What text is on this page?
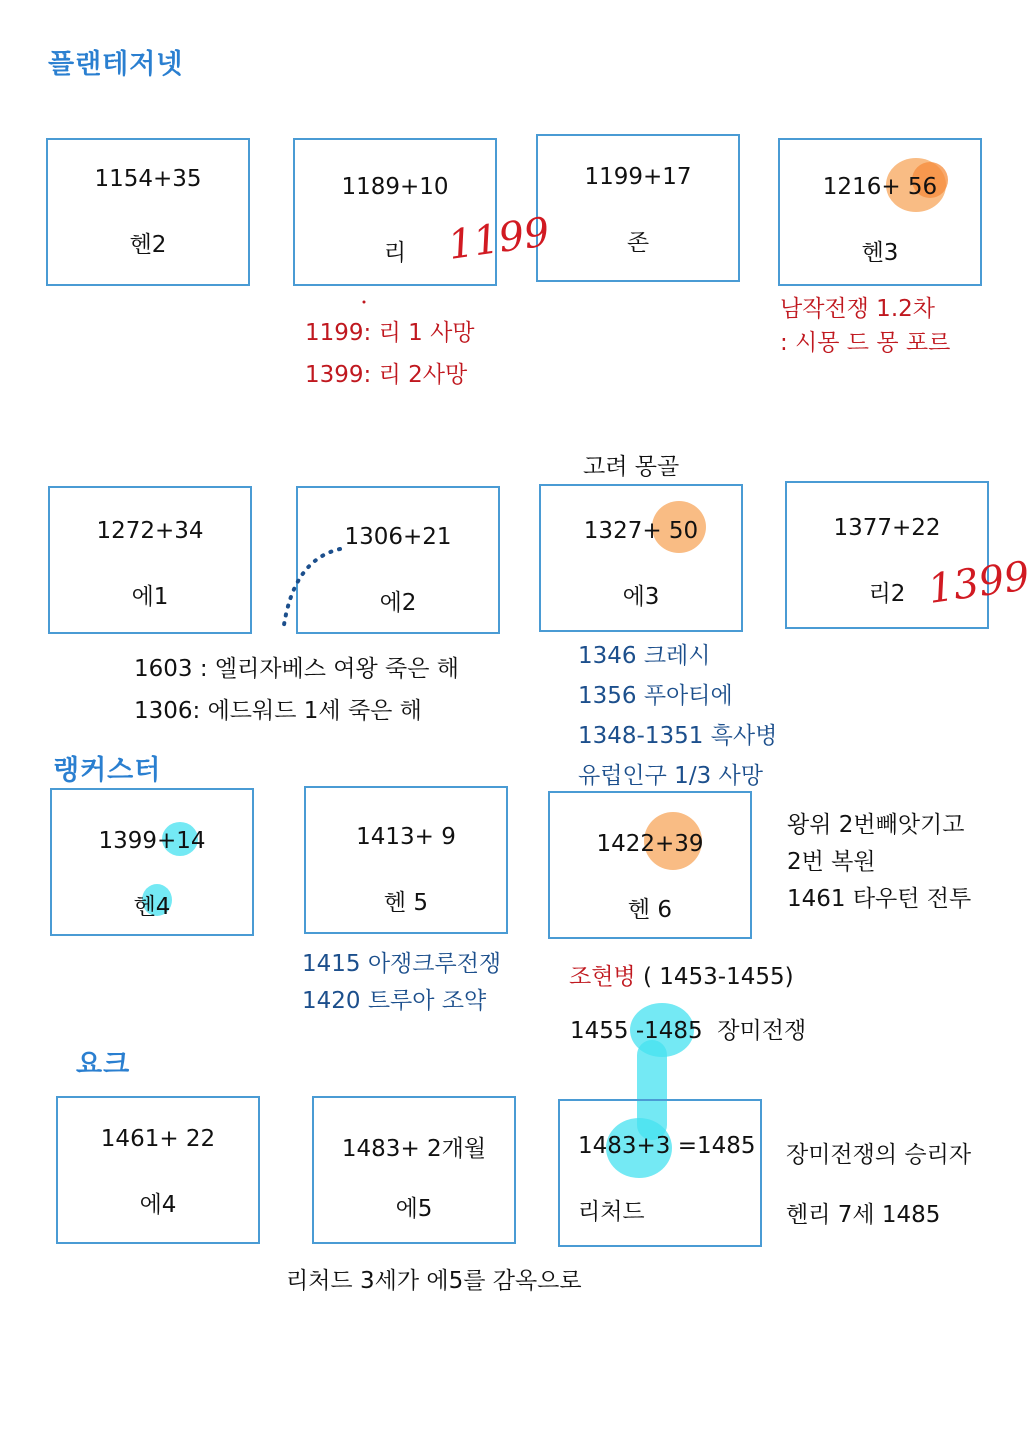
플랜테저넷
랭커스터
요크
1154+35
헨2
1189+10
리
1199+17
존
1216+ 56
헨3
1199
1199: 리 1 사망
1399: 리 2사망
남작전쟁 1.2차
: 시몽 드 몽 포르
고려 몽골
1272+34
에1
1306+21
에2
1327+ 50
에3
1377+22
리2 1399
1603 : 엘리자베스 여왕 죽은 해
1306: 에드워드 1세 죽은 해
1346 크레시
1356 푸아티에
1348-1351 흑사병
유럽인구 1/3 사망
1399+14
헨4
1413+ 9
헨 5
1422+39
헨 6
왕위 2번빼앗기고
2번 복원
1461 타우턴 전투
1415 아쟁크루전쟁
1420 트루아 조약
조현병 ( 1453-1455)
1455 -1485  장미전쟁
1461+ 22
에4
1483+ 2개월
에5
1483+3 =1485
리처드
장미전쟁의 승리자
헨리 7세 1485
리처드 3세가 에5를 감옥으로
